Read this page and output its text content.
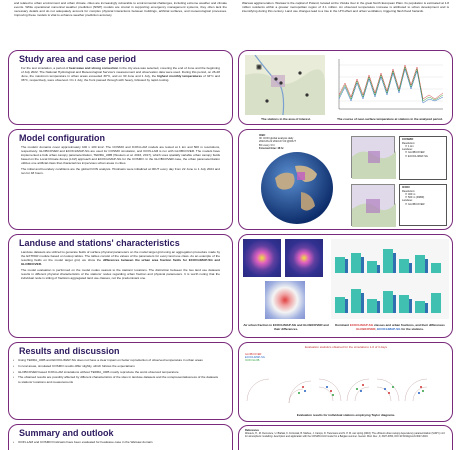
and related to urban environment and urban climate. cities are increasingly vulnerable to environmental challenges, including extreme weather and climate events. While operational numerical weather prediction (NWP) models are crucial in supporting emergency management systems, they often lack the necessary details and do not adequately account for complex physical interactions between buildings, artificial surfaces, and meteorological processes. Improving these models is vital to enhance weather prediction accuracy
Warsaw agglomeration. Warsaw is the capital of Poland, located at the Vistula river in the great North European Plain. Its population is estimated at 1.8 million residents within a greater metropolitan region of 3.1 million. An observed temperature increase is attributed to urban development and is intensifying during this century. Land use changes lead to a rise in the UHI effect and urban ventilation, triggering flash flood hazards.
Study area and case period

For the test simulation, a period of heat wave and strong convection in the city area was selected, covering the end of June and the beginning of July 2022. The National Hydrological and Meteorological Service's measurement and observation data were used. During this period, on 26-28 June, the maximum temperature in urban areas exceeded 30°C, and on 30 June and 1 July, the highest monthly temperatures of 34°C and 36°C, respectively, were observed. On 1 July, the front passed through with heavy, followed by rapid cooling.

The stations in the area of interest.	The course of near-surface temperature at stations in the analyzed period.
Model configuration

The models' domains cover approximately 100 x 100 km2. The COSMO and ICON-LAM models are tested at 1 km and 500 m resolutions, respectively. GLOBCOVER and ECOCLIMAP-SG are used for COSMO simulation, and ICON-LAM is run with GLOBCOVER. The models have implemented a bulk urban canopy parameterization, TERRA_URB (Wouters et al. 2016, 2017), which uses spatially variable urban canopy fields based on the Local Climate Zones (LCZ) approach and ECOCLIMAP-SG for the COSMO. In the GLOBCOVER case, the urban parameterization utilizes one artificial class that characterizes impervious urban areas in cities.

The initial and boundary conditions are the global ICON analysis. Hindcasts were initialized at 00UT every day from 22 June to 1 July 2024 and ran for 48 hours.

ICBC
ID: ICON global analysis daily
2022-06-22 2022-07-03 @00UT
BC every 3 hr
Forecast time: 48 hr
COSMO
Resolution:
☐ 1 km
Landuse:
☐ GLOBCOVER
☐ ECOCLIMAP-SG
ICON
Resolution:
☐ 400 m
☐ 500 m (R2B9)
Landuse:
☐ GLOBCOVER
Landuse and stations' characteristics

Landuse datasets are utilized to generate fields of surface physical parameters on the model target grid using an aggregation procedure made by the EXTPAR module based on lookup tables. The tables consist of the values of the parameters for every land use class. As an example of the resulting fields on the model target grid, we show the differences between the urban area fraction fields for ECOCLIMAP-SG and GLOBCOVER.

The model evaluation is performed on the model nodes nearest to the stations' locations. The distinction between the two land use datasets results in different physical characteristics of the stations' nodes regarding urban fraction and physical parameters. It is worth noting that the individual node is sitting of fractions aggregated land use classes, not the predominant one.

Air urban fraction in ECOCLIMAP-SG and GLOBCOVER and their differences.
Dominant ECOCLIMAP-SG classes and urban fractions, and their differences GLOBCOVER, ECOCLIMAP-SG for the stations.
Results and discussion
• Using TERRA_URB and ECOCLIMAP-SG does not have a clear impact on better reproduction of observed temperature in urban areas
• In rural areas, simulated COSMO results differ slightly, which follows the expectations
• GLOBCOVER based ICON-LAM simulations without TERRA_URB mostly reproduce the worst observed temperature
• The obtained results are possibly affected by different characteristics of the sites in landuse datasets and the unrepresentativeness of the datasets to stations' locations and measurements
Evaluation statistics obtained for the simulations 1-6 of 3 days
GLOBCOVER
ECOCLIMAP-SG
ICON GLOB.
Evaluation results for individual stations employing Taylor diagrams.
Summary and outlook
• ICON-LAM and COSMO hindcasts have been evaluated for heatwave case in the Warsaw domain
References
Wouters, H., M. Demuzere, U. Blahak, K. Fortuniak, B. Maiheu, J. Camps, D. Tielemans and N. P. M. van Lipzig (2016): The efficient urban canopy dependency parametrization (SURY) v1.0 for atmospheric modelling: description and application with the COSMO-CLM model for a Belgian summer. Geosci. Mod. Dev., 9, 3027-3054, DOI 10.5194/gmd-9-3027-2016.
